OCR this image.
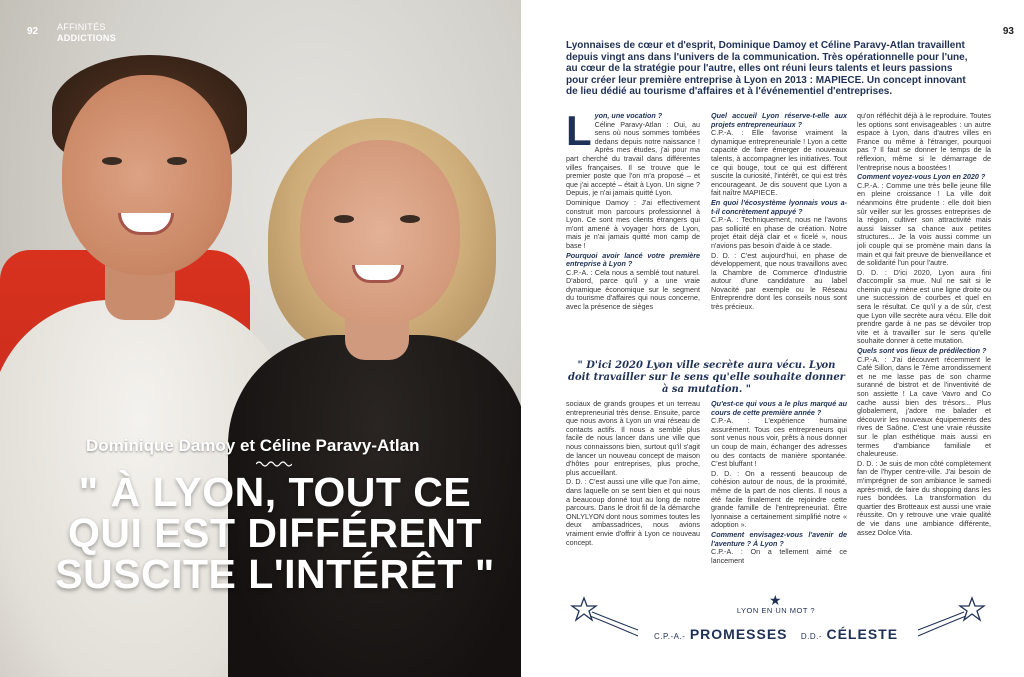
92 AFFINITÉS
ADDICTIONS
Dominique Damoy et Céline Paravy-Atlan
" À LYON, TOUT CE QUI EST DIFFÉRENT SUSCITE L'INTÉRÊT "
93
Lyonnaises de cœur et d'esprit, Dominique Damoy et Céline Paravy-Atlan travaillent depuis vingt ans dans l'univers de la communication. Très opérationnelle pour l'une, au cœur de la stratégie pour l'autre, elles ont réuni leurs talents et leurs passions pour créer leur première entreprise à Lyon en 2013 : MAPIECE. Un concept innovant de lieu dédié au tourisme d'affaires et à l'événementiel d'entreprises.
L yon, une vocation ?

Céline Paravy-Atlan : Oui, au sens où nous sommes tombées dedans depuis notre naissance ! Après mes études, j'ai pour ma part cherché du travail dans différentes villes françaises. Il se trouve que le premier poste que l'on m'a proposé – et que j'ai accepté – était à Lyon. Un signe ? Depuis, je n'ai jamais quitté Lyon.

Dominique Damoy : J'ai effectivement construit mon parcours professionnel à Lyon. Ce sont mes clients étrangers qui m'ont amené à voyager hors de Lyon, mais je n'ai jamais quitté mon camp de base !

Pourquoi avoir lancé votre première entreprise à Lyon ?

C.P.-A. : Cela nous a semblé tout naturel. D'abord, parce qu'il y a une vraie dynamique économique sur le segment du tourisme d'affaires qui nous concerne, avec la présence de sièges

Quel accueil Lyon réserve-t-elle aux projets entrepreneuriaux ?

C.P.-A. : Elle favorise vraiment la dynamique entrepreneuriale ! Lyon a cette capacité de faire émerger de nouveaux talents, à accompagner les initiatives. Tout ce qui bouge, tout ce qui est différent suscite la curiosité, l'intérêt, ce qui est très encourageant. Je dis souvent que Lyon a fait naître MAPIECE.

En quoi l'écosystème lyonnais vous a-t-il concrètement appuyé ?

C.P.-A. : Techniquement, nous ne l'avons pas sollicité en phase de création. Notre projet était déjà clair et « ficelé », nous n'avions pas besoin d'aide à ce stade.

D. D. : C'est aujourd'hui, en phase de développement, que nous travaillons avec la Chambre de Commerce d'Industrie autour d'une candidature au label Novacité par exemple ou le Réseau Entreprendre dont les conseils nous sont très précieux.

" D'ici 2020 Lyon ville secrète aura vécu. Lyon doit travailler sur le sens qu'elle souhaite donner à sa mutation. "

sociaux de grands groupes et un terreau entrepreneurial très dense. Ensuite, parce que nous avons à Lyon un vrai réseau de contacts actifs. Il nous a semblé plus facile de nous lancer dans une ville que nous connaissons bien, surtout qu'il s'agit de lancer un nouveau concept de maison d'hôtes pour entreprises, plus proche, plus accueillant.

D. D. : C'est aussi une ville que l'on aime, dans laquelle on se sent bien et qui nous a beaucoup donné tout au long de notre parcours. Dans le droit fil de la démarche ONLYLYON dont nous sommes toutes les deux ambassadrices, nous avions vraiment envie d'offrir à Lyon ce nouveau concept.

Qu'est-ce qui vous a le plus marqué au cours de cette première année ?

C.P.-A. : L'expérience humaine assurément. Tous ces entrepreneurs qui sont venus nous voir, prêts à nous donner un coup de main, échanger des adresses ou des contacts de manière spontanée. C'est bluffant !

D. D. : On a ressenti beaucoup de cohésion autour de nous, de la proximité, même de la part de nos clients. Il nous a été facile finalement de rejoindre cette grande famille de l'entrepreneuriat. Être lyonnaise a certainement simplifié notre « adoption ».

Comment envisagez-vous l'avenir de l'aventure ? À Lyon ?

C.P.-A. : On a tellement aimé ce lancement

qu'on réfléchit déjà à le reproduire. Toutes les options sont envisageables : un autre espace à Lyon, dans d'autres villes en France ou même à l'étranger, pourquoi pas ? Il faut se donner le temps de la réflexion, même si le démarrage de l'entreprise nous a boostées !

Comment voyez-vous Lyon en 2020 ?

C.P.-A. : Comme une très belle jeune fille en pleine croissance ! La ville doit néanmoins être prudente : elle doit bien sûr veiller sur les grosses entreprises de la région, cultiver son attractivité mais aussi laisser sa chance aux petites structures... Je la vois aussi comme un joli couple qui se promène main dans la main et qui fait preuve de bienveillance et de solidarité l'un pour l'autre.

D. D. : D'ici 2020, Lyon aura fini d'accomplir sa mue. Nul ne sait si le chemin qui y mène est une ligne droite ou une succession de courbes et quel en sera le résultat. Ce qu'il y a de sûr, c'est que Lyon ville secrète aura vécu. Elle doit prendre garde à ne pas se dévoiler trop vite et à travailler sur le sens qu'elle souhaite donner à cette mutation.

Quels sont vos lieux de prédilection ?

C.P.-A. : J'ai découvert récemment le Café Sillon, dans le 7ème arrondissement et ne me lasse pas de son charme suranné de bistrot et de l'inventivité de son assiette ! La cave Vavro and Co cache aussi bien des trésors... Plus globalement, j'adore me balader et découvrir les nouveaux équipements des rives de Saône. C'est une vraie réussite sur le plan esthétique mais aussi en termes d'ambiance familiale et chaleureuse.

D. D. : Je suis de mon côté complètement fan de l'hyper centre-ville. J'ai besoin de m'imprégner de son ambiance le samedi après-midi, de faire du shopping dans les rues bondées. La transformation du quartier des Brotteaux est aussi une vraie réussite. On y retrouve une vraie qualité de vie dans une ambiance différente, assez Dolce Vita.

★
LYON EN UN MOT ?
C.P.-A.- PROMESSES D.D.- CÉLESTE
